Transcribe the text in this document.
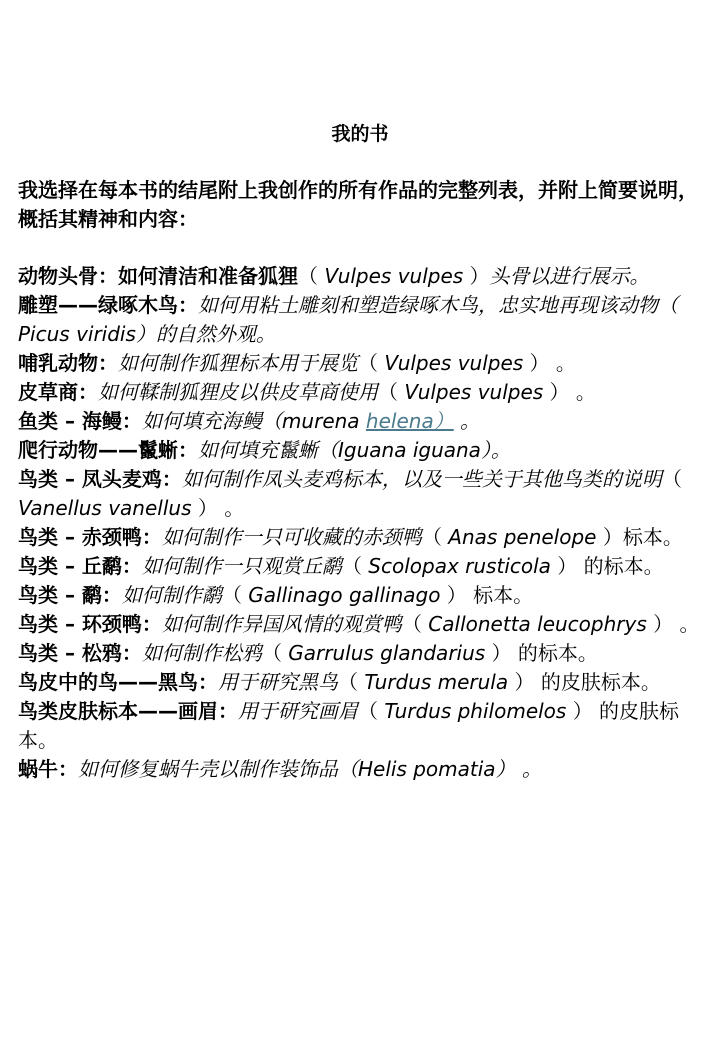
我的书
我选择在每本书的结尾附上我创作的所有作品的完整列表，并附上简要说明，概括其精神和内容：
动物头骨：如何清洁和准备狐狸（ Vulpes vulpes ）头骨以进行展示。
雕塑——绿啄木鸟：如何用粘土雕刻和塑造绿啄木鸟，忠实地再现该动物（ Picus viridis）的自然外观。
哺乳动物：如何制作狐狸标本用于展览（ Vulpes vulpes ） 。
皮草商：如何鞣制狐狸皮以供皮草商使用（ Vulpes vulpes ） 。
鱼类 – 海鳗：如何填充海鳗（murena helena） 。
爬行动物——鬣蜥：如何填充鬣蜥（Iguana iguana）。
鸟类 – 凤头麦鸡：如何制作凤头麦鸡标本，以及一些关于其他鸟类的说明（ Vanellus vanellus ） 。
鸟类 – 赤颈鸭：如何制作一只可收藏的赤颈鸭（ Anas penelope ）标本。
鸟类 – 丘鹬：如何制作一只观赏丘鹬（ Scolopax rusticola ） 的标本。
鸟类 – 鹬：如何制作鹬（ Gallinago gallinago ） 标本。
鸟类 – 环颈鸭：如何制作异国风情的观赏鸭（ Callonetta leucophrys ） 。
鸟类 – 松鸦：如何制作松鸦（ Garrulus glandarius ） 的标本。
鸟皮中的鸟——黑鸟：用于研究黑鸟（ Turdus merula ） 的皮肤标本。
鸟类皮肤标本——画眉：用于研究画眉（ Turdus philomelos ） 的皮肤标本。
蜗牛：如何修复蜗牛壳以制作装饰品（Helis pomatia） 。
